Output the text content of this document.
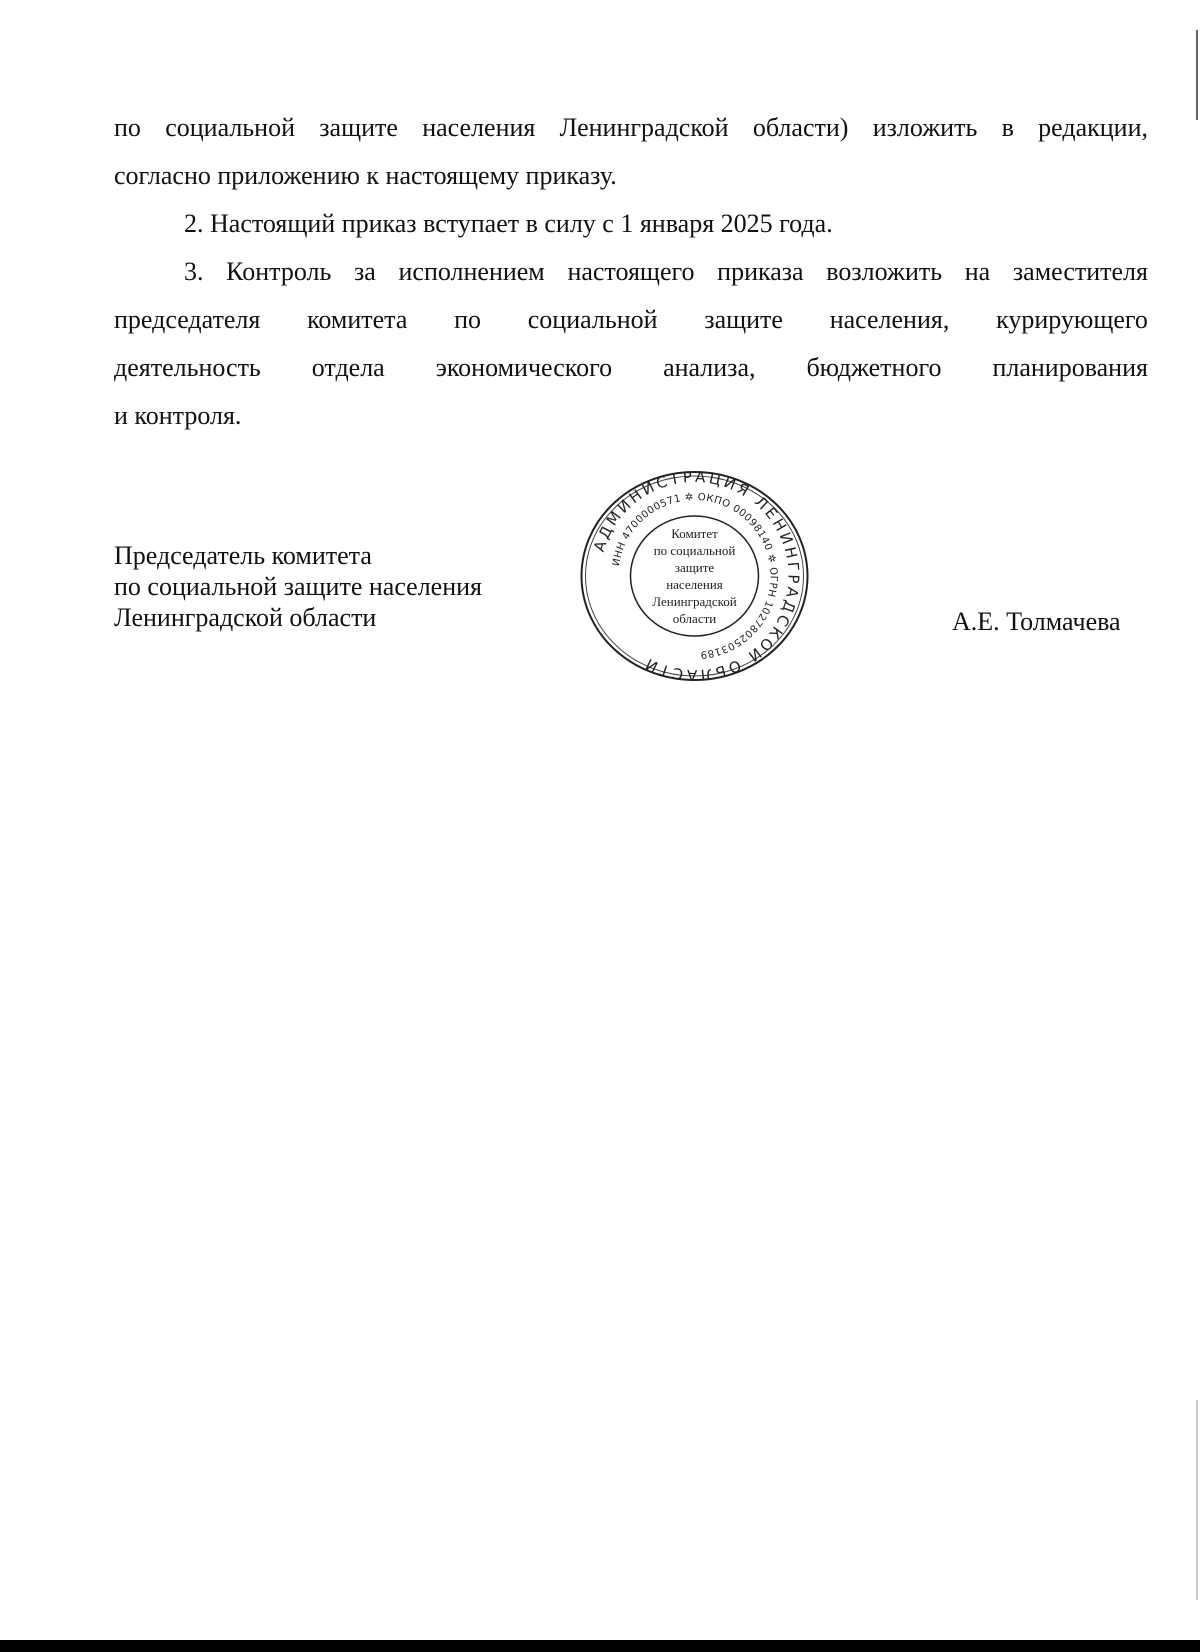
по социальной защите населения Ленинградской области) изложить в редакции,

согласно приложению к настоящему приказу.

2. Настоящий приказ вступает в силу с 1 января 2025 года.

3. Контроль за исполнением настоящего приказа возложить на заместителя

председателя комитета по социальной защите населения, курирующего
деятельность отдела экономического анализа, бюджетного планирования

и контроля.

Председатель комитета
по социальной защите населения
Ленинградской области
АДМИНИСТРАЦИЯ ЛЕНИНГРАДСКОЙ ОБЛАСТИ
ИНН 4700000571 ✲ ОКПО 00098140 ✲ ОГРН 1027802503189
Комитет
по социальной
защите
населения
Ленинградской
области	А.Е. Толмачева
